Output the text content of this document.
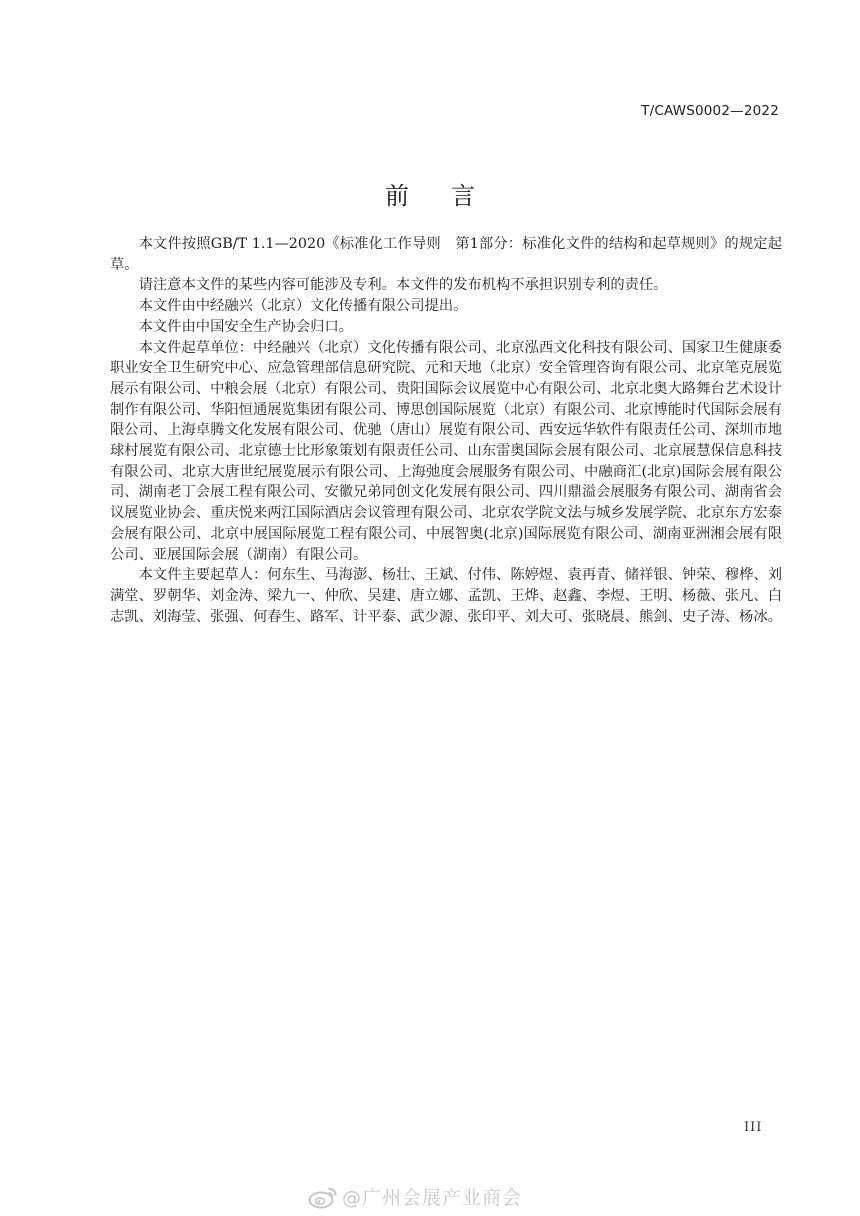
T/CAWS0002—2022
前言

本文件按照GB/T 1.1—2020《标准化工作导则　第1部分：标准化文件的结构和起草规则》的规定起草。

请注意本文件的某些内容可能涉及专利。本文件的发布机构不承担识别专利的责任。

本文件由中经融兴（北京）文化传播有限公司提出。

本文件由中国安全生产协会归口。

本文件起草单位：中经融兴（北京）文化传播有限公司、北京泓西文化科技有限公司、国家卫生健康委职业安全卫生研究中心、应急管理部信息研究院、元和天地（北京）安全管理咨询有限公司、北京笔克展览展示有限公司、中粮会展（北京）有限公司、贵阳国际会议展览中心有限公司、北京北奥大路舞台艺术设计制作有限公司、华阳恒通展览集团有限公司、博思创国际展览（北京）有限公司、北京博能时代国际会展有限公司、上海卓腾文化发展有限公司、优驰（唐山）展览有限公司、西安远华软件有限责任公司、深圳市地球村展览有限公司、北京德士比形象策划有限责任公司、山东雷奥国际会展有限公司、北京展慧保信息科技有限公司、北京大唐世纪展览展示有限公司、上海弛度会展服务有限公司、中融商汇(北京)国际会展有限公司、湖南老丁会展工程有限公司、安徽兄弟同创文化发展有限公司、四川鼎溢会展服务有限公司、湖南省会议展览业协会、重庆悦来两江国际酒店会议管理有限公司、北京农学院文法与城乡发展学院、北京东方宏泰会展有限公司、北京中展国际展览工程有限公司、中展智奥(北京)国际展览有限公司、湖南亚洲湘会展有限公司、亚展国际会展（湖南）有限公司。

本文件主要起草人：何东生、马海澎、杨壮、王斌、付伟、陈婷煜、袁再青、储祥银、钟荣、穆桦、刘满堂、罗朝华、刘金涛、梁九一、仲欣、吴建、唐立娜、孟凯、王烨、赵鑫、李煜、王明、杨薇、张凡、白志凯、刘海莹、张强、何春生、路军、计平泰、武少源、张印平、刘大可、张晓晨、熊剑、史子涛、杨冰。

III
@广州会展产业商会
